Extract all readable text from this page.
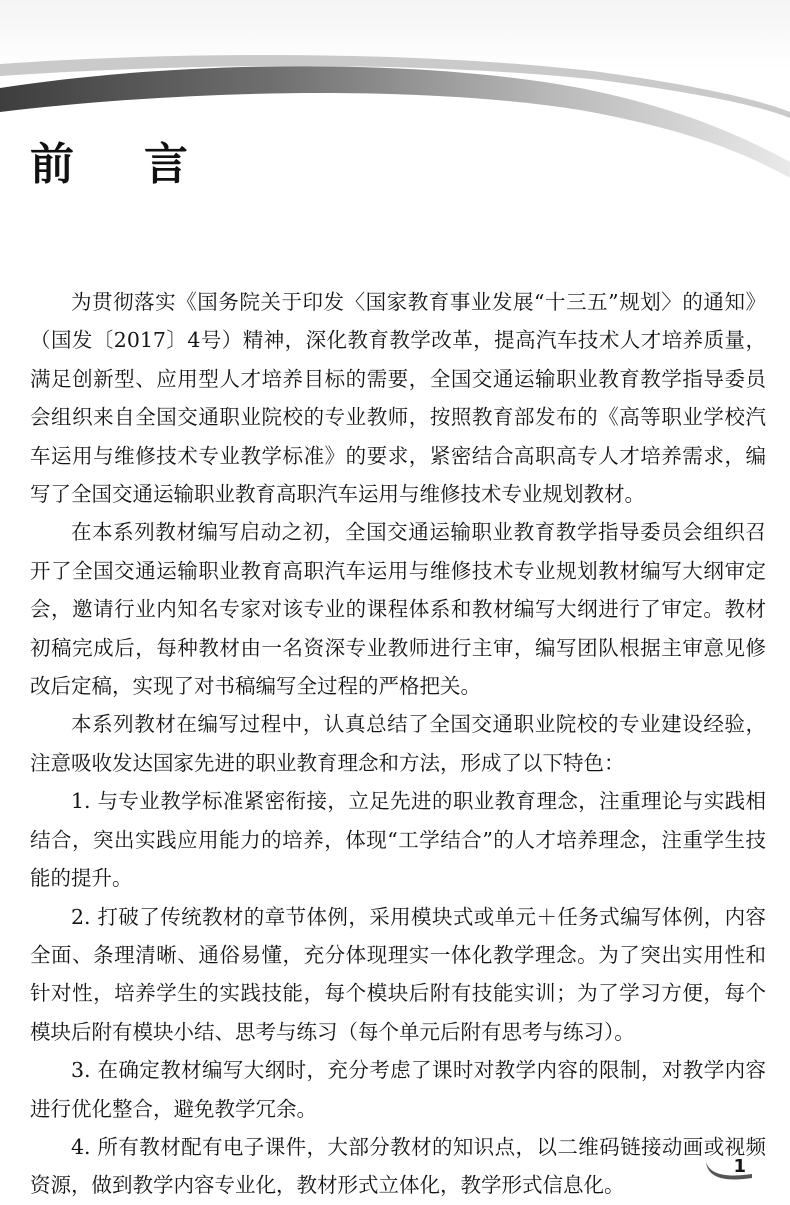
前言

为贯彻落实《国务院关于印发〈国家教育事业发展“十三五”规划〉的通知》（国发〔2017〕4号）精神，深化教育教学改革，提高汽车技术人才培养质量，满足创新型、应用型人才培养目标的需要，全国交通运输职业教育教学指导委员会组织来自全国交通职业院校的专业教师，按照教育部发布的《高等职业学校汽车运用与维修技术专业教学标准》的要求，紧密结合高职高专人才培养需求，编写了全国交通运输职业教育高职汽车运用与维修技术专业规划教材。

在本系列教材编写启动之初，全国交通运输职业教育教学指导委员会组织召开了全国交通运输职业教育高职汽车运用与维修技术专业规划教材编写大纲审定会，邀请行业内知名专家对该专业的课程体系和教材编写大纲进行了审定。教材初稿完成后，每种教材由一名资深专业教师进行主审，编写团队根据主审意见修改后定稿，实现了对书稿编写全过程的严格把关。

本系列教材在编写过程中，认真总结了全国交通职业院校的专业建设经验，注意吸收发达国家先进的职业教育理念和方法，形成了以下特色：

1. 与专业教学标准紧密衔接，立足先进的职业教育理念，注重理论与实践相结合，突出实践应用能力的培养，体现“工学结合”的人才培养理念，注重学生技能的提升。

2. 打破了传统教材的章节体例，采用模块式或单元＋任务式编写体例，内容全面、条理清晰、通俗易懂，充分体现理实一体化教学理念。为了突出实用性和针对性，培养学生的实践技能，每个模块后附有技能实训；为了学习方便，每个模块后附有模块小结、思考与练习（每个单元后附有思考与练习）。

3. 在确定教材编写大纲时，充分考虑了课时对教学内容的限制，对教学内容进行优化整合，避免教学冗余。

4. 所有教材配有电子课件，大部分教材的知识点，以二维码链接动画或视频资源，做到教学内容专业化，教材形式立体化，教学形式信息化。

1
